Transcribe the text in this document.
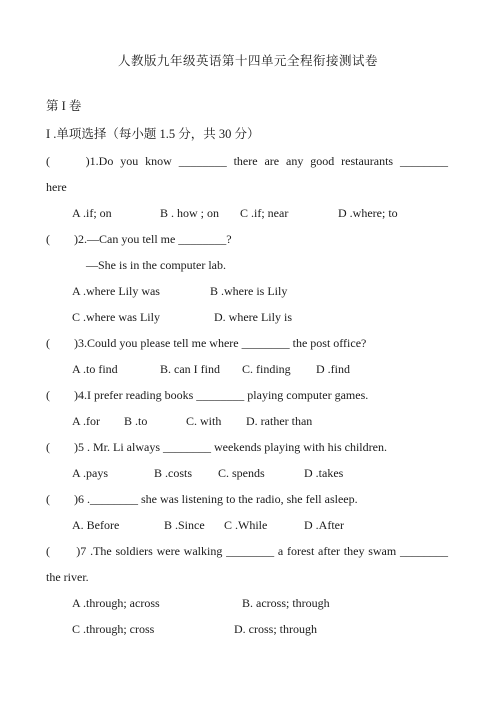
人教版九年级英语第十四单元全程衔接测试卷
第 I 卷
I .单项选择（每小题 1.5 分，共 30 分）
(　　)1.Do you know ________ there are any good restaurants ________
here
A .if; on	B . how ; on C .if; near	D .where; to
(　　)2.—Can you tell me ________?
—She is in the computer lab.
A .where Lily was	B .where is Lily
C .where was Lily	D. where Lily is
(　　)3.Could you please tell me where ________ the post office?
A .to find	B. can I find C. finding D .find
(　　)4.I prefer reading books ________ playing computer games.
A .for B .to	C. with D. rather than
(　　)5 . Mr. Li always ________ weekends playing with his children.
A .pays	B .costs C. spends	D .takes
(　　)6 .________ she was listening to the radio, she fell asleep.
A. Before	B .Since C .While	D .After
(　　)7 .The soldiers were walking ________ a forest after they swam ________
the river.
A .through; across	B. across; through
C .through; cross	D. cross; through
